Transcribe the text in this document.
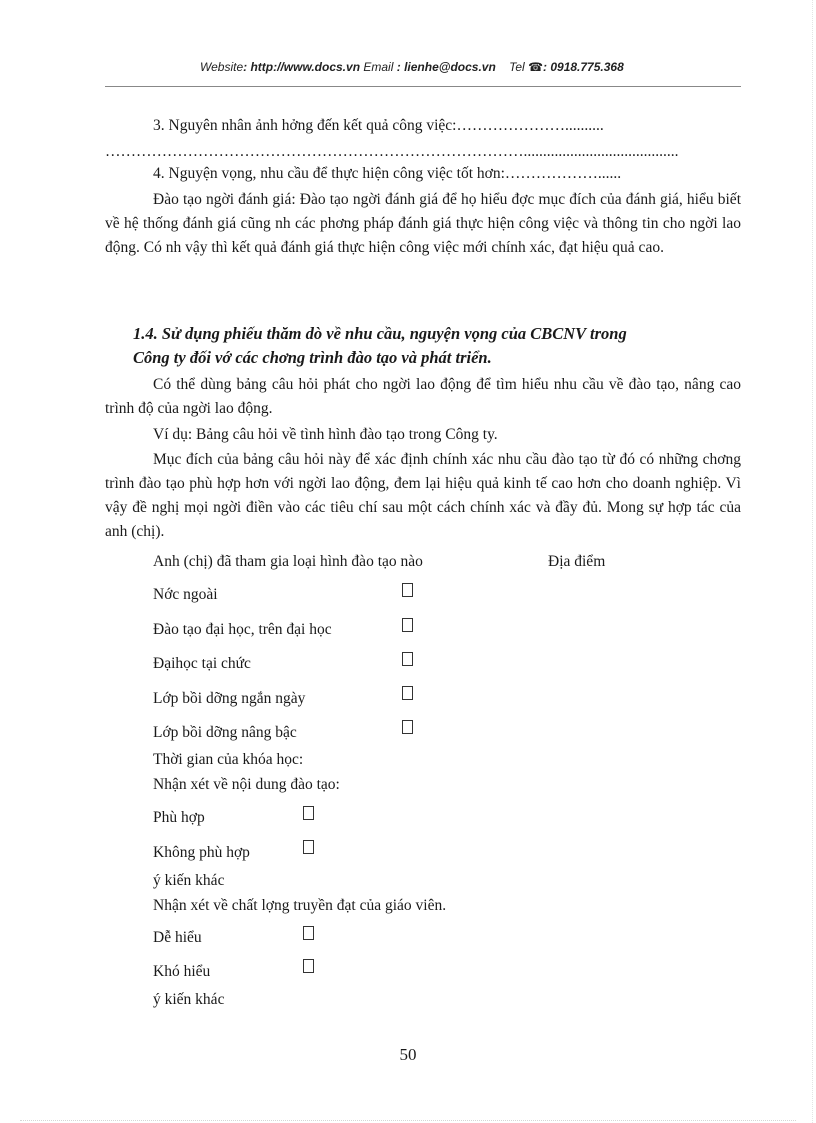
Website: http://www.docs.vn Email : lienhe@docs.vn Tel ☎: 0918.775.368
3. Nguyên nhân ảnh hởng đến kết quả công việc:…………………..........
………………………………………………………………………........................................
4. Nguyện vọng, nhu cầu để thực hiện công việc tốt hơn:………………......
Đào tạo ngời đánh giá: Đào tạo ngời đánh giá để họ hiểu đợc mục đích của đánh giá, hiểu biết về hệ thống đánh giá cũng nh các phơng pháp đánh giá thực hiện công việc và thông tin cho ngời lao động. Có nh vậy thì kết quả đánh giá thực hiện công việc mới chính xác, đạt hiệu quả cao.
1.4. Sử dụng phiếu thăm dò về nhu cầu, nguyện vọng của CBCNV trong
Công ty đối vớ các chơng trình đào tạo và phát triển.
Có thể dùng bảng câu hỏi phát cho ngời lao động để tìm hiểu nhu cầu về đào tạo, nâng cao trình độ của ngời lao động.
Ví dụ: Bảng câu hỏi về tình hình đào tạo trong Công ty.
Mục đích của bảng câu hỏi này để xác định chính xác nhu cầu đào tạo từ đó có những chơng trình đào tạo phù hợp hơn với ngời lao động, đem lại hiệu quả kinh tế cao hơn cho doanh nghiệp. Vì vậy đề nghị mọi ngời điền vào các tiêu chí sau một cách chính xác và đầy đủ. Mong sự hợp tác của anh (chị).
Anh (chị) đã tham gia loại hình đào tạo nào	Địa điểm
Nớc ngoài
Đào tạo đại học, trên đại học
Đạihọc tại chức
Lớp bồi dỡng ngắn ngày
Lớp bồi dỡng nâng bậc
Thời gian của khóa học:
Nhận xét về nội dung đào tạo:
Phù hợp
Không phù hợp
ý kiến khác
Nhận xét về chất lợng truyền đạt của giáo viên.
Dễ hiểu
Khó hiểu
ý kiến khác
50
